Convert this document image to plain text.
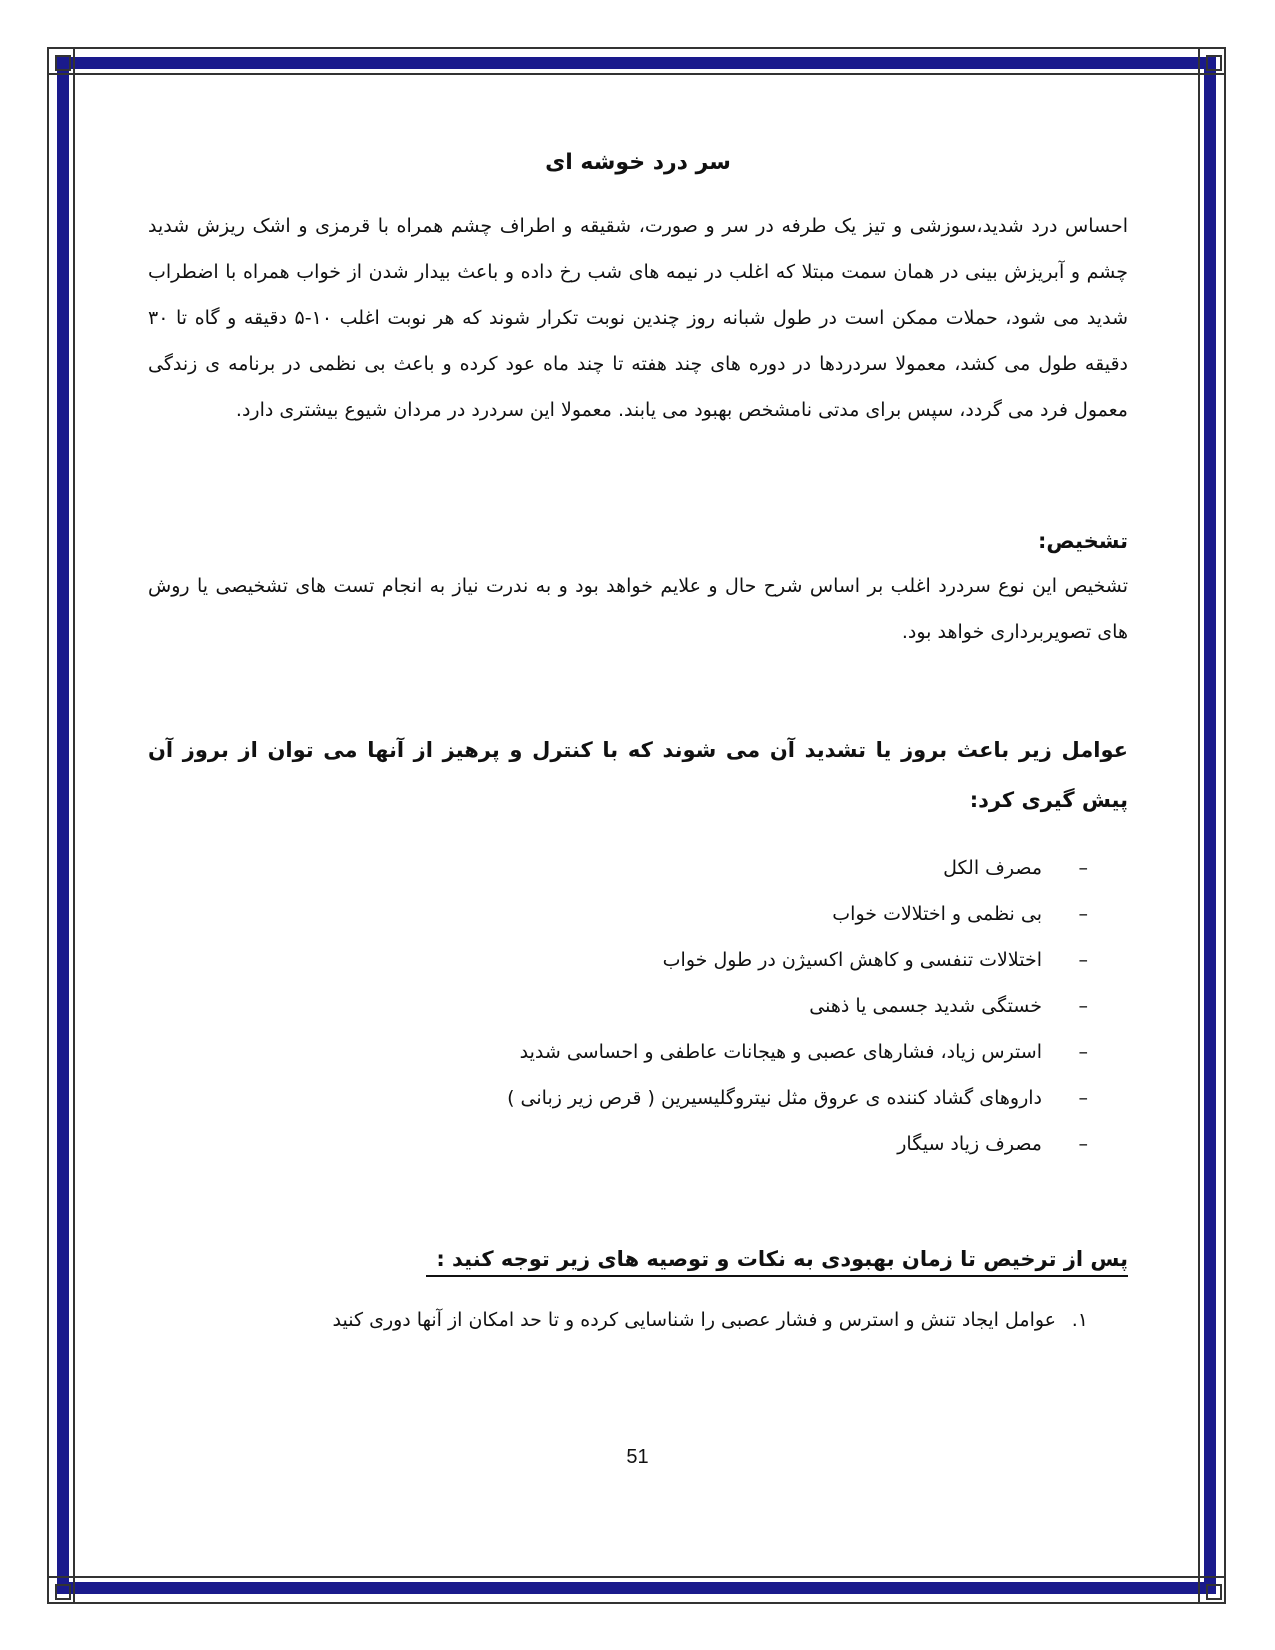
سر درد خوشه ای

احساس درد شدید،سوزشی و تیز یک طرفه در سر و صورت، شقیقه و اطراف چشم همراه با قرمزی و اشک ریزش شدید چشم و آبریزش بینی در همان سمت مبتلا که اغلب در نیمه های شب رخ داده و باعث بیدار شدن از خواب همراه با اضطراب شدید می شود، حملات ممکن است در طول شبانه روز چندین نوبت تکرار شوند که هر نوبت اغلب ۱۰-۵ دقیقه و گاه تا ۳۰ دقیقه طول می کشد، معمولا سردردها در دوره های چند هفته تا چند ماه عود کرده و باعث بی نظمی در برنامه ی زندگی معمول فرد می گردد، سپس برای مدتی نامشخص بهبود می یابند. معمولا این سردرد در مردان شیوع بیشتری دارد.

تشخیص:

تشخیص این نوع سردرد اغلب بر اساس شرح حال و علایم خواهد بود و به ندرت نیاز به انجام تست های تشخیصی یا روش های تصویربرداری خواهد بود.

عوامل زیر باعث بروز یا تشدید آن می شوند که با کنترل و پرهیز از آنها می توان از بروز آن پیش گیری کرد:
–
مصرف الکل
–
بی نظمی و اختلالات خواب
–
اختلالات تنفسی و کاهش اکسیژن در طول خواب
–
خستگی شدید جسمی یا ذهنی
–
استرس زیاد، فشارهای عصبی و هیجانات عاطفی و احساسی شدید
–
داروهای گشاد کننده ی عروق مثل نیتروگلیسیرین ( قرص زیر زبانی )
–
مصرف زیاد سیگار
پس از ترخیص تا زمان بهبودی به نکات و توصیه های زیر توجه کنید :
۱.
عوامل ایجاد تنش و استرس و فشار عصبی را شناسایی کرده و تا حد امکان از آنها دوری کنید
51
